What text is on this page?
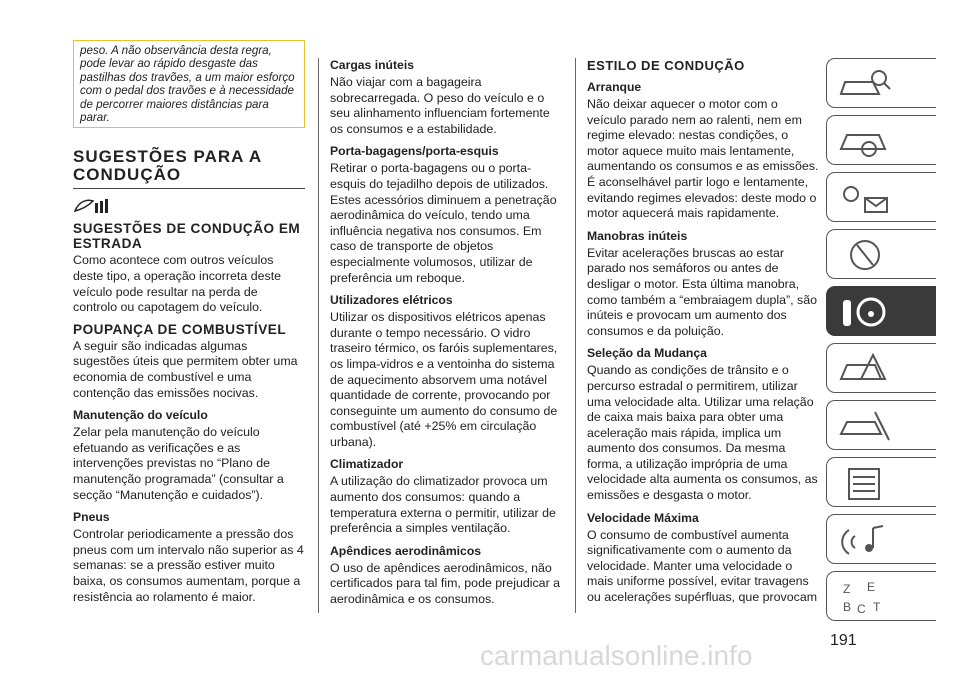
peso. A não observância desta regra, pode levar ao rápido desgaste das pastilhas dos travões, a um maior esforço com o pedal dos travões e à necessidade de percorrer maiores distâncias para parar.
SUGESTÕES PARA A CONDUÇÃO
SUGESTÕES DE CONDUÇÃO EM ESTRADA

Como acontece com outros veículos deste tipo, a operação incorreta deste veículo pode resultar na perda de controlo ou capotagem do veículo.

POUPANÇA DE COMBUSTÍVEL

A seguir são indicadas algumas sugestões úteis que permitem obter uma economia de combustível e uma contenção das emissões nocivas.

Manutenção do veículo

Zelar pela manutenção do veículo efetuando as verificações e as intervenções previstas no “Plano de manutenção programada” (consultar a secção “Manutenção e cuidados”).

Pneus

Controlar periodicamente a pressão dos pneus com um intervalo não superior as 4 semanas: se a pressão estiver muito baixa, os consumos aumentam, porque a resistência ao rolamento é maior.

Cargas inúteis

Não viajar com a bagageira sobrecarregada. O peso do veículo e o seu alinhamento influenciam fortemente os consumos e a estabilidade.

Porta-bagagens/porta-esquis

Retirar o porta-bagagens ou o porta-esquis do tejadilho depois de utilizados. Estes acessórios diminuem a penetração aerodinâmica do veículo, tendo uma influência negativa nos consumos. Em caso de transporte de objetos especialmente volumosos, utilizar de preferência um reboque.

Utilizadores elétricos

Utilizar os dispositivos elétricos apenas durante o tempo necessário. O vidro traseiro térmico, os faróis suplementares, os limpa-vidros e a ventoinha do sistema de aquecimento absorvem uma notável quantidade de corrente, provocando por conseguinte um aumento do consumo de combustível (até +25% em circulação urbana).

Climatizador

A utilização do climatizador provoca um aumento dos consumos: quando a temperatura externa o permitir, utilizar de preferência a simples ventilação.

Apêndices aerodinâmicos

O uso de apêndices aerodinâmicos, não certificados para tal fim, pode prejudicar a aerodinâmica e os consumos.

ESTILO DE CONDUÇÃO
Arranque

Não deixar aquecer o motor com o veículo parado nem ao ralenti, nem em regime elevado: nestas condições, o motor aquece muito mais lentamente, aumentando os consumos e as emissões. É aconselhável partir logo e lentamente, evitando regimes elevados: deste modo o motor aquecerá mais rapidamente.

Manobras inúteis

Evitar acelerações bruscas ao estar parado nos semáforos ou antes de desligar o motor. Esta última manobra, como também a “embraiagem dupla”, são inúteis e provocam um aumento dos consumos e da poluição.

Seleção da Mudança

Quando as condições de trânsito e o percurso estradal o permitirem, utilizar uma velocidade alta. Utilizar uma relação de caixa mais baixa para obter uma aceleração mais rápida, implica um aumento dos consumos. Da mesma forma, a utilização imprópria de uma velocidade alta aumenta os consumos, as emissões e desgasta o motor.

Velocidade Máxima

O consumo de combustível aumenta significativamente com o aumento da velocidade. Manter uma velocidade o mais uniforme possível, evitar travagens ou acelerações supérfluas, que provocam

Z E
B C T
191
carmanualsonline.info
